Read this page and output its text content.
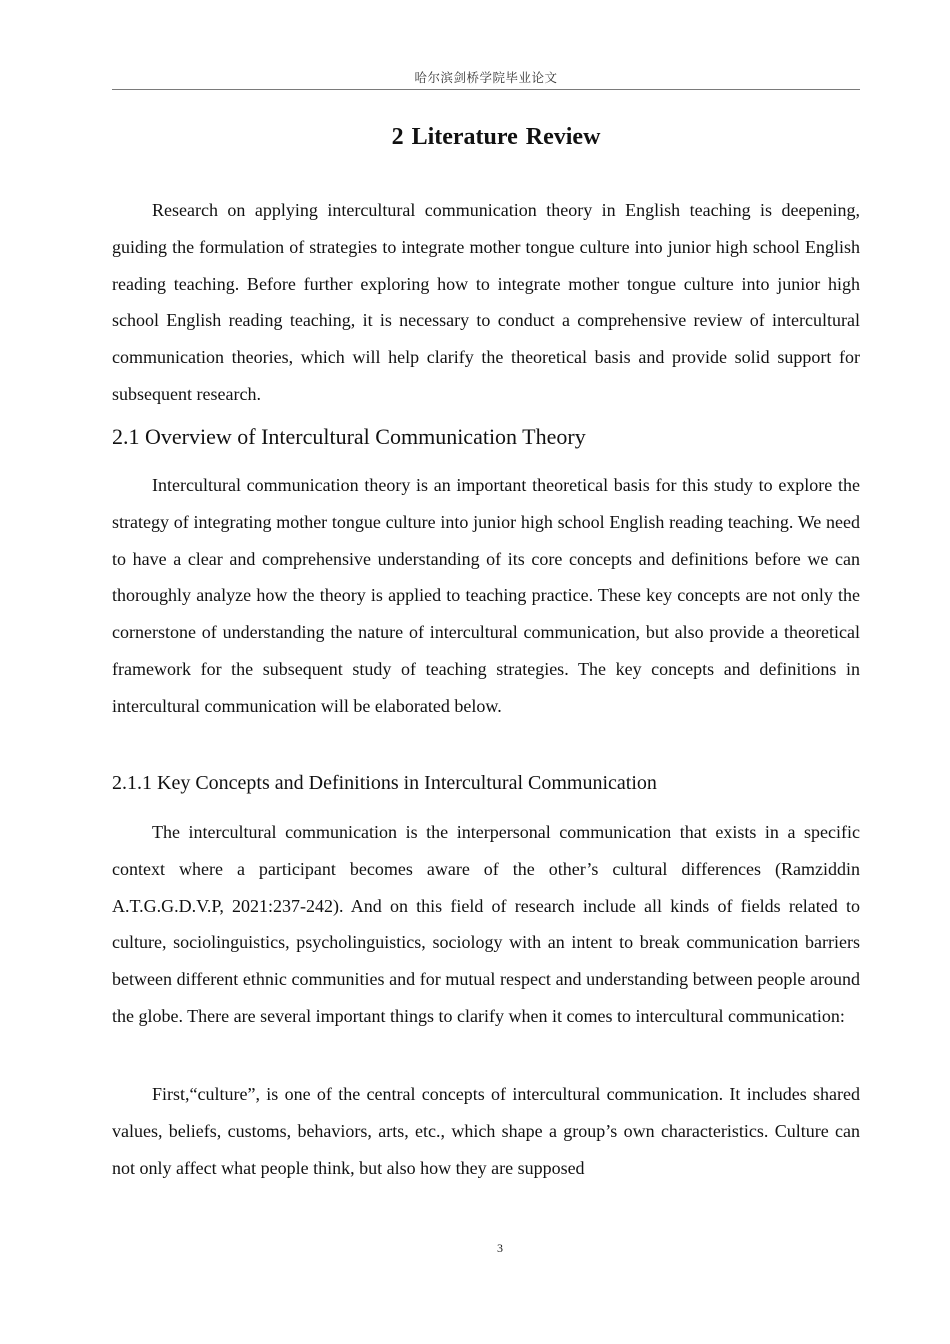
哈尔滨剑桥学院毕业论文
2 Literature Review

Research on applying intercultural communication theory in English teaching is deepening, guiding the formulation of strategies to integrate mother tongue culture into junior high school English reading teaching. Before further exploring how to integrate mother tongue culture into junior high school English reading teaching, it is necessary to conduct a comprehensive review of intercultural communication theories, which will help clarify the theoretical basis and provide solid support for subsequent research.

2.1 Overview of Intercultural Communication Theory

Intercultural communication theory is an important theoretical basis for this study to explore the strategy of integrating mother tongue culture into junior high school English reading teaching. We need to have a clear and comprehensive understanding of its core concepts and definitions before we can thoroughly analyze how the theory is applied to teaching practice. These key concepts are not only the cornerstone of understanding the nature of intercultural communication, but also provide a theoretical framework for the subsequent study of teaching strategies. The key concepts and definitions in intercultural communication will be elaborated below.

2.1.1 Key Concepts and Definitions in Intercultural Communication

The intercultural communication is the interpersonal communication that exists in a specific context where a participant becomes aware of the other’s cultural differences (Ramziddin A.T.G.G.D.V.P, 2021:237-242). And on this field of research include all kinds of fields related to culture, sociolinguistics, psycholinguistics, sociology with an intent to break communication barriers between different ethnic communities and for mutual respect and understanding between people around the globe. There are several important things to clarify when it comes to intercultural communication:

First,“culture”, is one of the central concepts of intercultural communication. It includes shared values, beliefs, customs, behaviors, arts, etc., which shape a group’s own characteristics. Culture can not only affect what people think, but also how they are supposed

3
